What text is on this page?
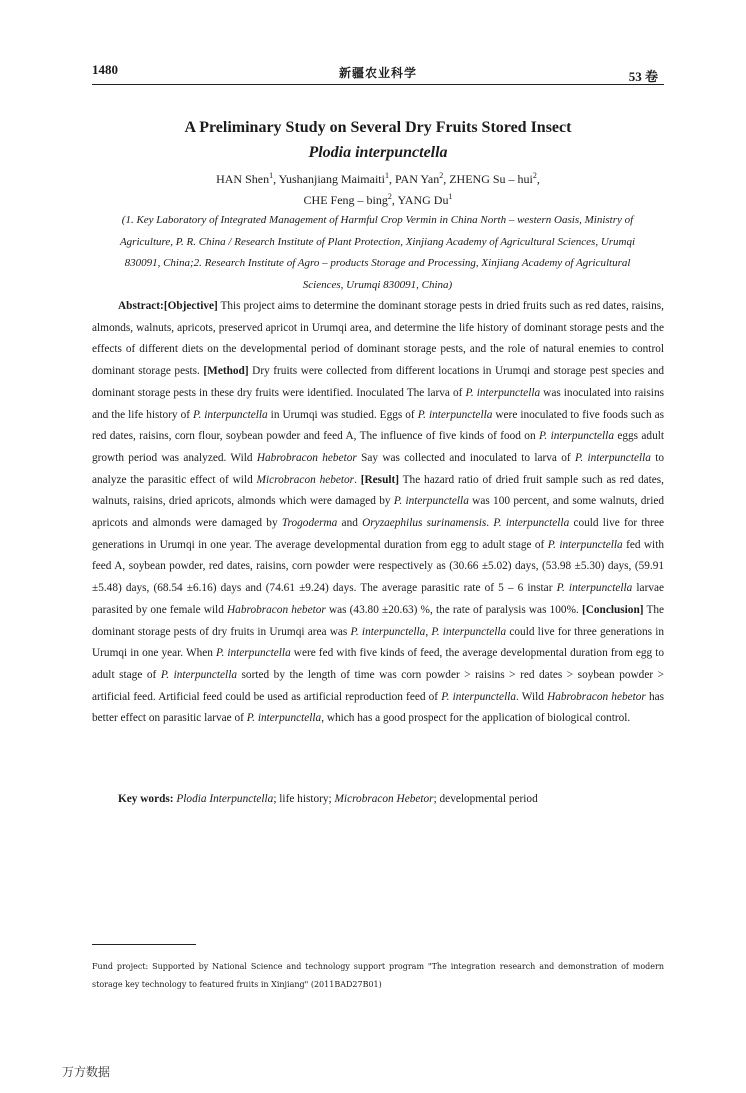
1480	新疆农业科学	53 卷
A Preliminary Study on Several Dry Fruits Stored Insect
Plodia interpunctella
HAN Shen$^1$, Yushanjiang Maimaiti$^1$, PAN Yan$^2$, ZHENG Su – hui$^2$,
CHE Feng – bing$^2$, YANG Du$^1$
(1. Key Laboratory of Integrated Management of Harmful Crop Vermin in China North – western Oasis, Ministry of Agriculture, P. R. China / Research Institute of Plant Protection, Xinjiang Academy of Agricultural Sciences, Urumqi 830091, China;2. Research Institute of Agro – products Storage and Processing, Xinjiang Academy of Agricultural Sciences, Urumqi 830091, China)
Abstract:[Objective] This project aims to determine the dominant storage pests in dried fruits such as red dates, raisins, almonds, walnuts, apricots, preserved apricot in Urumqi area, and determine the life history of dominant storage pests and the effects of different diets on the developmental period of dominant storage pests, and the role of natural enemies to control dominant storage pests. [Method] Dry fruits were collected from different locations in Urumqi and storage pest species and dominant storage pests in these dry fruits were identified. Inoculated The larva of P. interpunctella was inoculated into raisins and the life history of P. interpunctella in Urumqi was studied. Eggs of P. interpunctella were inoculated to five foods such as red dates, raisins, corn flour, soybean powder and feed A, The influence of five kinds of food on P. interpunctella eggs adult growth period was analyzed. Wild Habrobracon hebetor Say was collected and inoculated to larva of P. interpunctella to analyze the parasitic effect of wild Microbracon hebetor. [Result] The hazard ratio of dried fruit sample such as red dates, walnuts, raisins, dried apricots, almonds which were damaged by P. interpunctella was 100 percent, and some walnuts, dried apricots and almonds were damaged by Trogoderma and Oryzaephilus surinamensis. P. interpunctella could live for three generations in Urumqi in one year. The average developmental duration from egg to adult stage of P. interpunctella fed with feed A, soybean powder, red dates, raisins, corn powder were respectively as (30.66 ±5.02) days, (53.98 ±5.30) days, (59.91 ±5.48) days, (68.54 ±6.16) days and (74.61 ±9.24) days. The average parasitic rate of 5 – 6 instar P. interpunctella larvae parasited by one female wild Habrobracon hebetor was (43.80 ±20.63) %, the rate of paralysis was 100%. [Conclusion] The dominant storage pests of dry fruits in Urumqi area was P. interpunctella, P. interpunctella could live for three generations in Urumqi in one year. When P. interpunctella were fed with five kinds of feed, the average developmental duration from egg to adult stage of P. interpunctella sorted by the length of time was corn powder > raisins > red dates > soybean powder > artificial feed. Artificial feed could be used as artificial reproduction feed of P. interpunctella. Wild Habrobracon hebetor has better effect on parasitic larvae of P. interpunctella, which has a good prospect for the application of biological control.
Key words: Plodia Interpunctella; life history; Microbracon Hebetor; developmental period
Fund project: Supported by National Science and technology support program "The integration research and demonstration of modern storage key technology to featured fruits in Xinjiang" (2011BAD27B01)
万方数据
